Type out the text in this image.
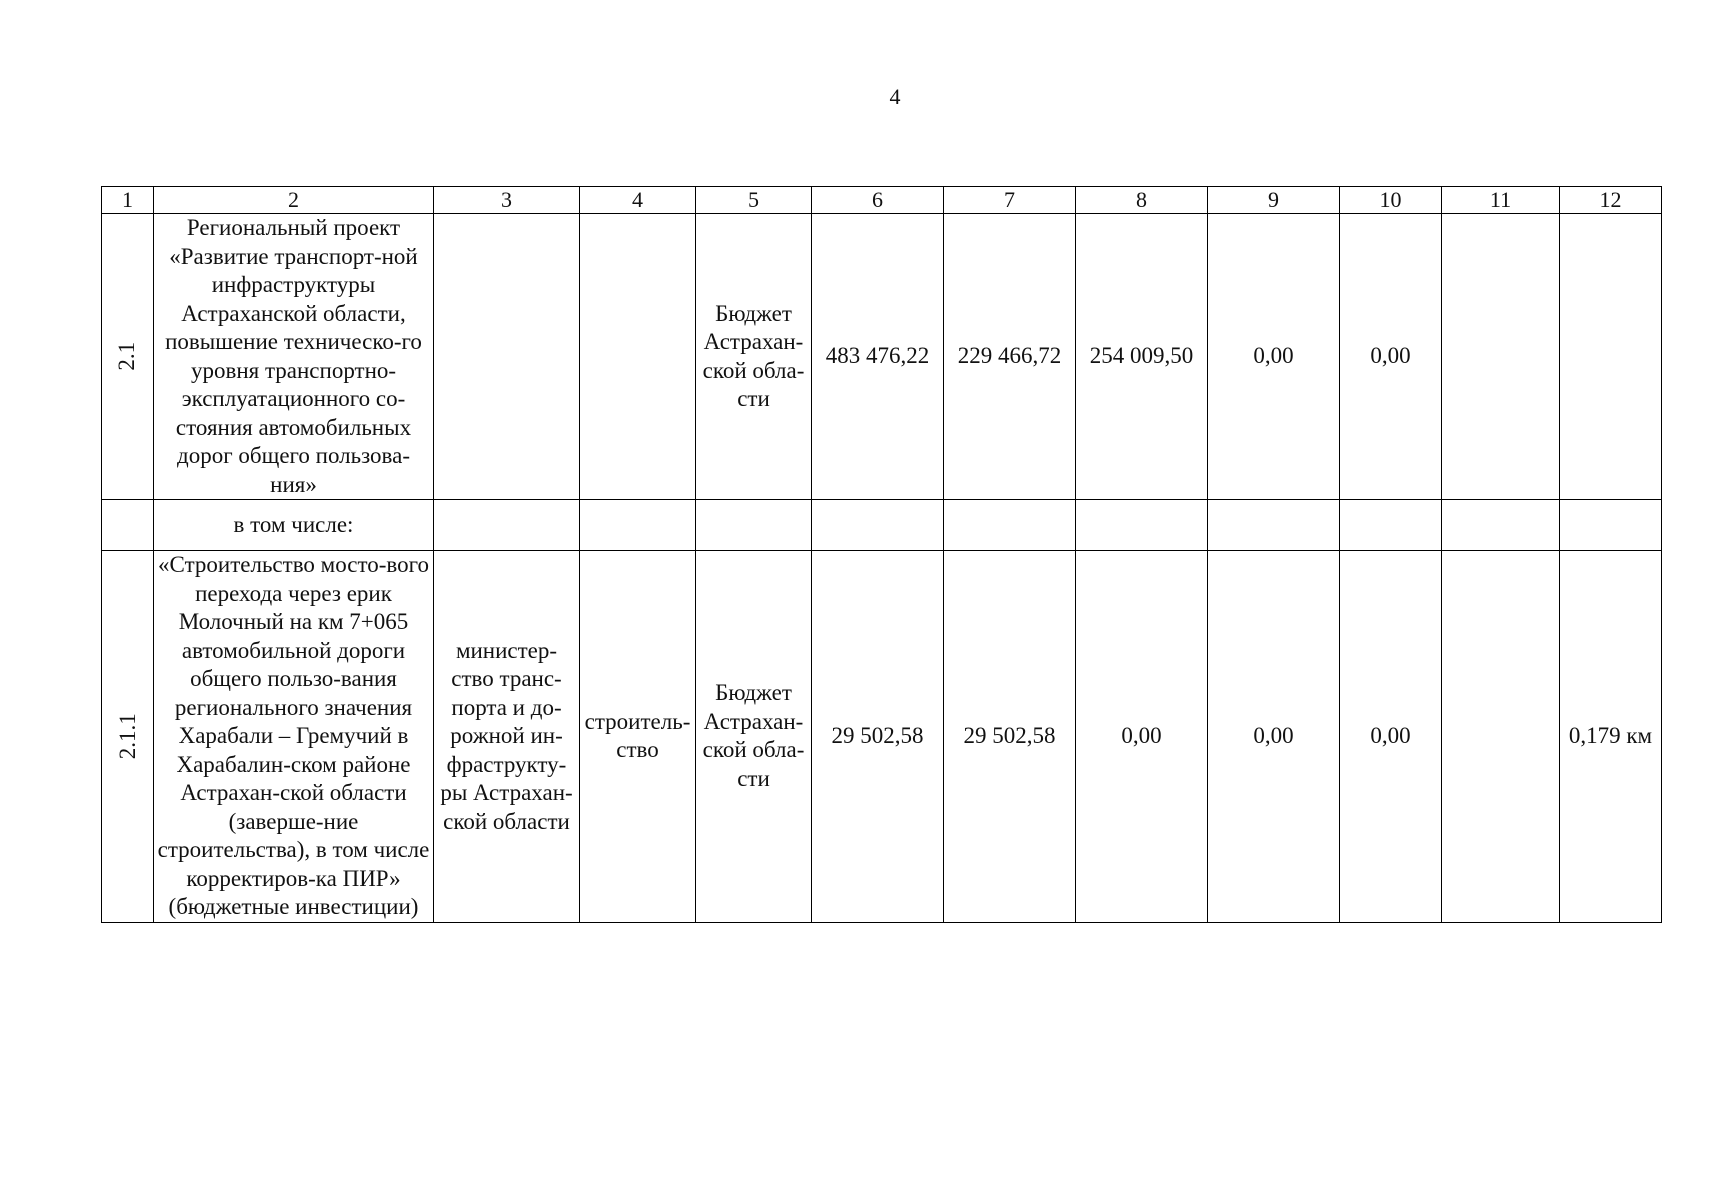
4
1	2	3	4	5	6	7	8	9	10	11	12
2.1	Региональный проект «Развитие транспорт-ной инфраструктуры Астраханской области, повышение техническо-го уровня транспортно-эксплуатационного со-стояния автомобильных дорог общего пользова-ния»			Бюджет Астрахан-ской обла-сти	483 476,22	229 466,72	254 009,50	0,00	0,00		
	в том числе:										
2.1.1	«Строительство мосто-вого перехода через ерик Молочный на км 7+065 автомобильной дороги общего пользо-вания регионального значения Харабали – Гремучий в Харабалин-ском районе Астрахан-ской области (заверше-ние строительства), в том числе корректиров-ка ПИР» (бюджетные инвестиции)	министер-ство транс-порта и до-рожной ин-фраструкту-ры Астрахан-ской области	строитель-ство	Бюджет Астрахан-ской обла-сти	29 502,58	29 502,58	0,00	0,00	0,00		0,179 км
